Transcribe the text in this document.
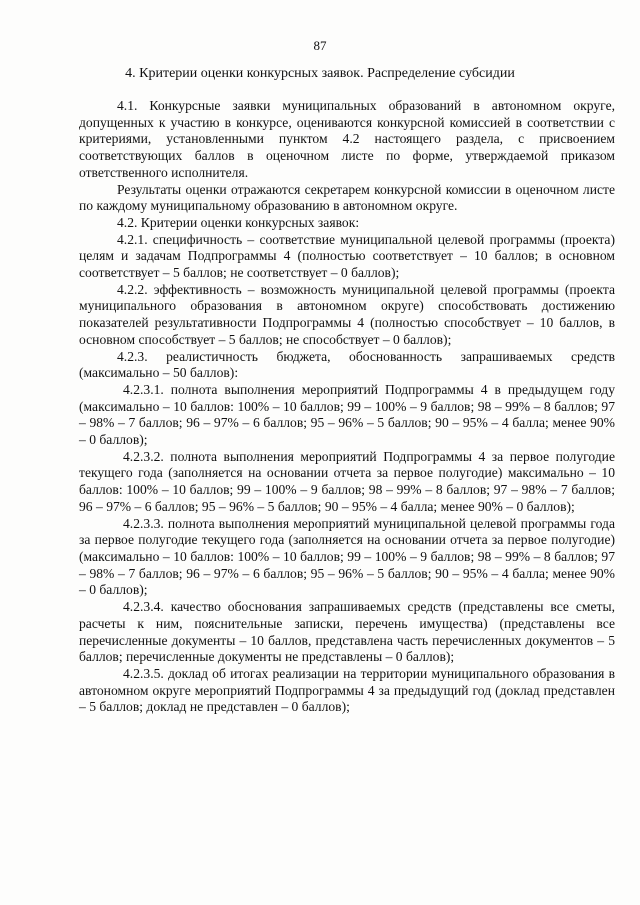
87
4. Критерии оценки конкурсных заявок. Распределение субсидии

4.1. Конкурсные заявки муниципальных образований в автономном округе, допущенных к участию в конкурсе, оцениваются конкурсной комиссией в соответствии с критериями, установленными пунктом 4.2 настоящего раздела, с присвоением соответствующих баллов в оценочном листе по форме, утверждаемой приказом ответственного исполнителя.

Результаты оценки отражаются секретарем конкурсной комиссии в оценочном листе по каждому муниципальному образованию в автономном округе.

4.2. Критерии оценки конкурсных заявок:

4.2.1. специфичность – соответствие муниципальной целевой программы (проекта) целям и задачам Подпрограммы 4 (полностью соответствует – 10 баллов; в основном соответствует – 5 баллов; не соответствует – 0 баллов);

4.2.2. эффективность – возможность муниципальной целевой программы (проекта муниципального образования в автономном округе) способствовать достижению показателей результативности Подпрограммы 4 (полностью способствует – 10 баллов, в основном способствует – 5 баллов; не способствует – 0 баллов);

4.2.3. реалистичность бюджета, обоснованность запрашиваемых средств (максимально – 50 баллов):

4.2.3.1. полнота выполнения мероприятий Подпрограммы 4 в предыдущем году (максимально – 10 баллов: 100% – 10 баллов; 99 – 100% – 9 баллов; 98 – 99% – 8 баллов; 97 – 98% – 7 баллов; 96 – 97% – 6 баллов; 95 – 96% – 5 баллов; 90 – 95% – 4 балла; менее 90% – 0 баллов);

4.2.3.2. полнота выполнения мероприятий Подпрограммы 4 за первое полугодие текущего года (заполняется на основании отчета за первое полугодие) максимально – 10 баллов: 100% – 10 баллов; 99 – 100% – 9 баллов; 98 – 99% – 8 баллов; 97 – 98% – 7 баллов; 96 – 97% – 6 баллов; 95 – 96% – 5 баллов; 90 – 95% – 4 балла; менее 90% – 0 баллов);

4.2.3.3. полнота выполнения мероприятий муниципальной целевой программы года за первое полугодие текущего года (заполняется на основании отчета за первое полугодие) (максимально – 10 баллов: 100% – 10 баллов; 99 – 100% – 9 баллов; 98 – 99% – 8 баллов; 97 – 98% – 7 баллов; 96 – 97% – 6 баллов; 95 – 96% – 5 баллов; 90 – 95% – 4 балла; менее 90% – 0 баллов);

4.2.3.4. качество обоснования запрашиваемых средств (представлены все сметы, расчеты к ним, пояснительные записки, перечень имущества) (представлены все перечисленные документы – 10 баллов, представлена часть перечисленных документов – 5 баллов; перечисленные документы не представлены – 0 баллов);

4.2.3.5. доклад об итогах реализации на территории муниципального образования в автономном округе мероприятий Подпрограммы 4 за предыдущий год (доклад представлен – 5 баллов; доклад не представлен – 0 баллов);
